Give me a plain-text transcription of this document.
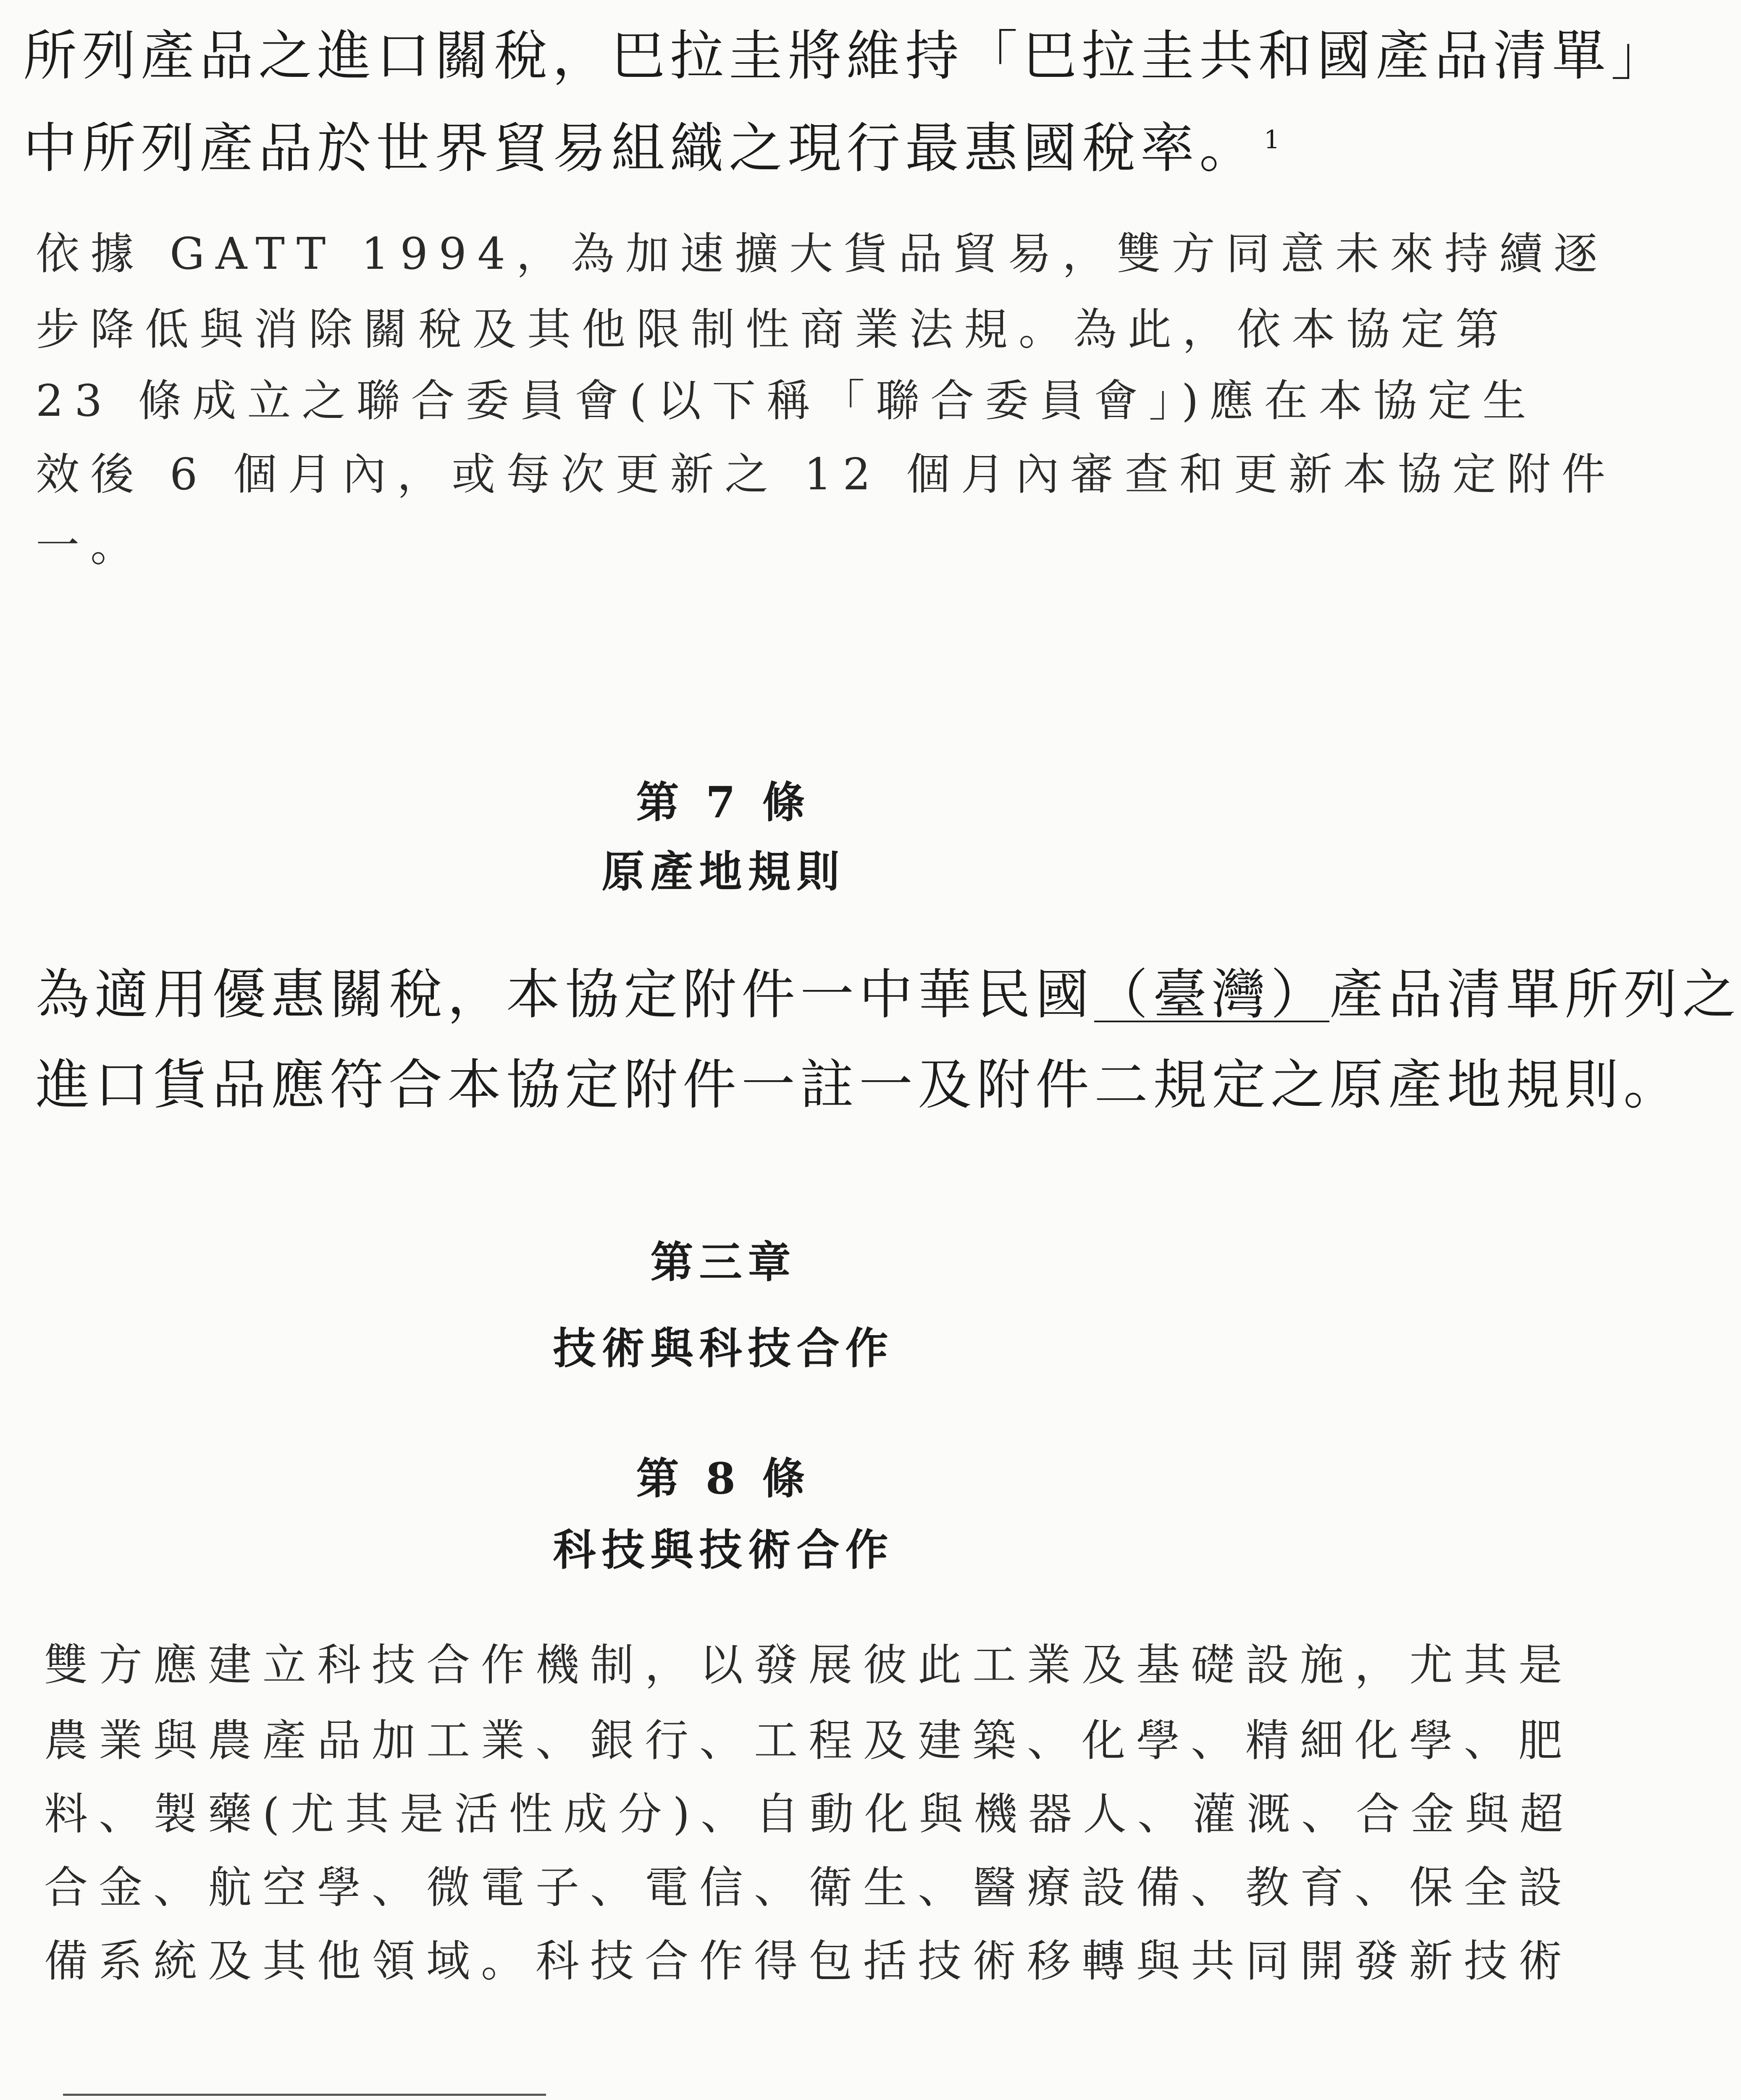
所列產品之進口關稅，巴拉圭將維持「巴拉圭共和國產品清單」
中所列產品於世界貿易組織之現行最惠國稅率。 $^1$
依據 GATT 1994，為加速擴大貨品貿易，雙方同意未來持續逐
步降低與消除關稅及其他限制性商業法規。為此，依本協定第
23 條成立之聯合委員會(以下稱「聯合委員會」)應在本協定生
效後 6 個月內，或每次更新之 12 個月內審查和更新本協定附件
一。
第 7 條
原產地規則
為適用優惠關稅，本協定附件一中華民國（臺灣）產品清單所列之
進口貨品應符合本協定附件一註一及附件二規定之原產地規則。
第三章
技術與科技合作
第 8 條
科技與技術合作
雙方應建立科技合作機制，以發展彼此工業及基礎設施，尤其是
農業與農產品加工業、銀行、工程及建築、化學、精細化學、肥
料、製藥(尤其是活性成分)、自動化與機器人、灌溉、合金與超
合金、航空學、微電子、電信、衛生、醫療設備、教育、保全設
備系統及其他領域。科技合作得包括技術移轉與共同開發新技術
